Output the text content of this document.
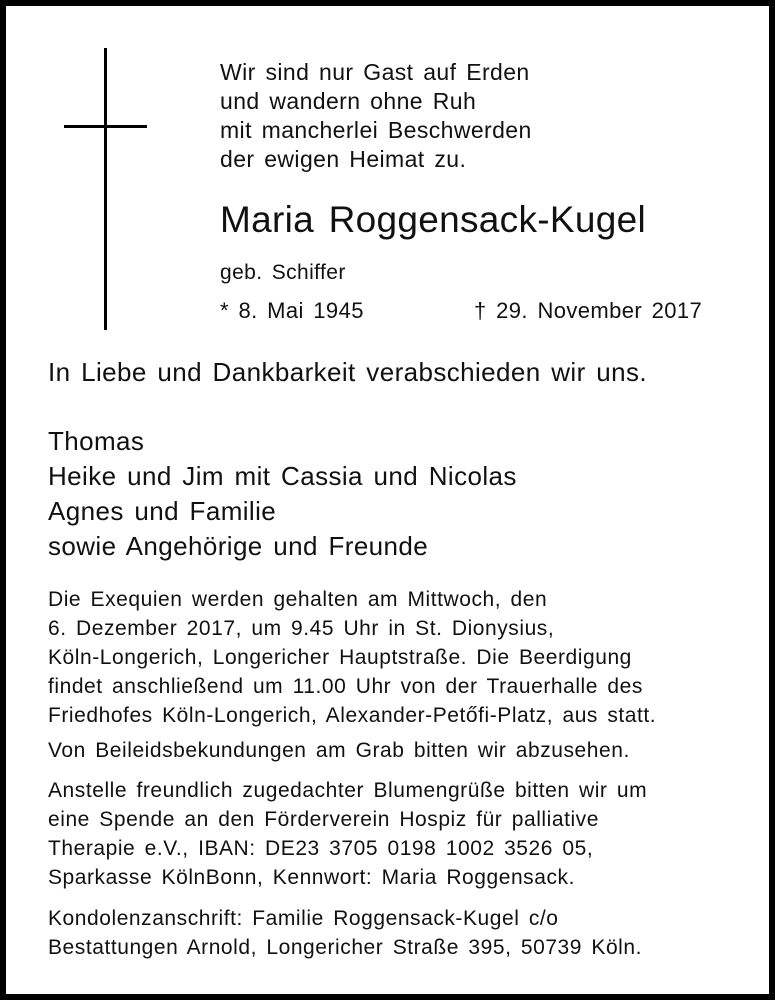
Wir sind nur Gast auf Erden
und wandern ohne Ruh
mit mancherlei Beschwerden
der ewigen Heimat zu.
Maria Roggensack-Kugel
geb. Schiffer
* 8. Mai 1945	† 29. November 2017
In Liebe und Dankbarkeit verabschieden wir uns.
Thomas
Heike und Jim mit Cassia und Nicolas
Agnes und Familie
sowie Angehörige und Freunde
Die Exequien werden gehalten am Mittwoch, den
6. Dezember 2017, um 9.45 Uhr in St. Dionysius,
Köln-Longerich, Longericher Hauptstraße. Die Beerdigung
findet anschließend um 11.00 Uhr von der Trauerhalle des
Friedhofes Köln-Longerich, Alexander-Petőfi-Platz, aus statt.
Von Beileidsbekundungen am Grab bitten wir abzusehen.
Anstelle freundlich zugedachter Blumengrüße bitten wir um
eine Spende an den Förderverein Hospiz für palliative
Therapie e.V., IBAN: DE23 3705 0198 1002 3526 05,
Sparkasse KölnBonn, Kennwort: Maria Roggensack.
Kondolenzanschrift: Familie Roggensack-Kugel c/o
Bestattungen Arnold, Longericher Straße 395, 50739 Köln.
